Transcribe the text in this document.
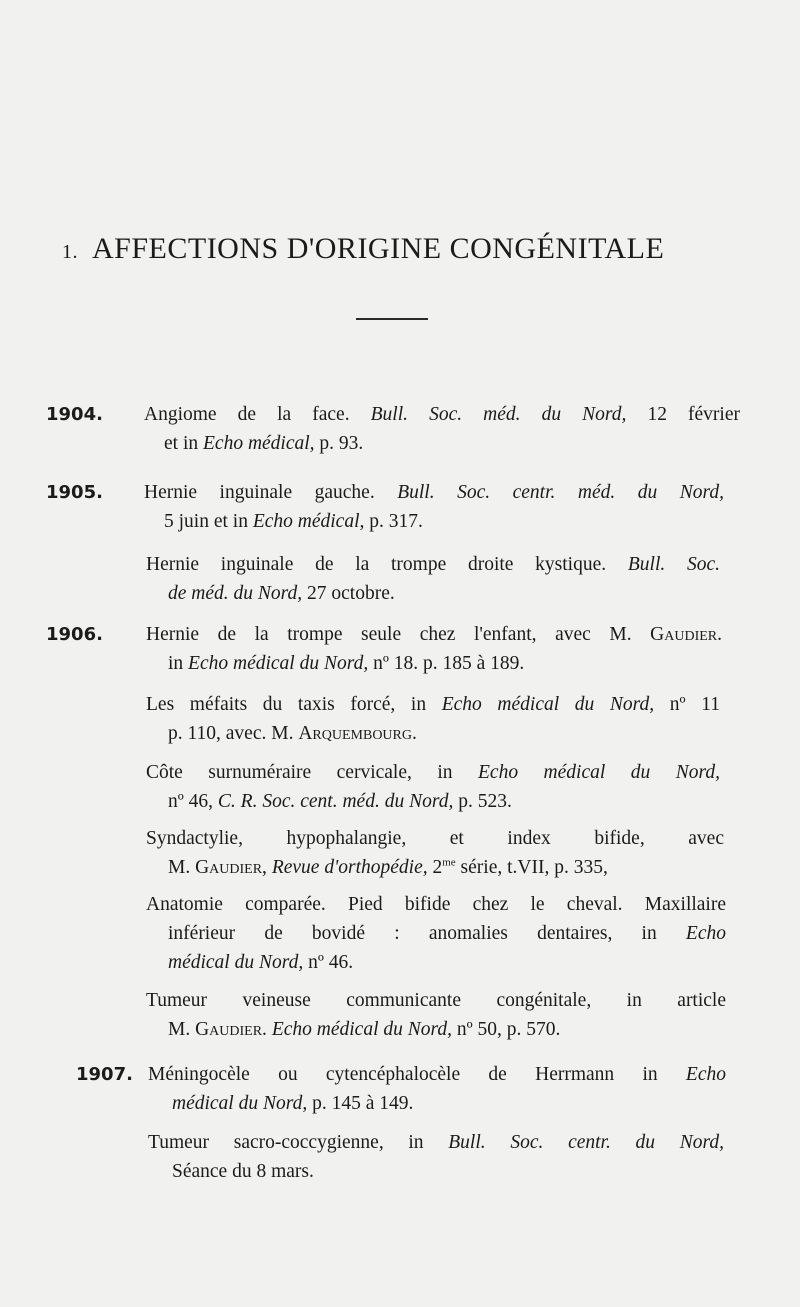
1. AFFECTIONS D'ORIGINE CONGÉNITALE
1904. Angiome de la face. Bull. Soc. méd. du Nord, 12 février
et in Echo médical, p. 93.
1905. Hernie inguinale gauche. Bull. Soc. centr. méd. du Nord,
5 juin et in Echo médical, p. 317.
Hernie inguinale de la trompe droite kystique. Bull. Soc.
de méd. du Nord, 27 octobre.
1906. Hernie de la trompe seule chez l'enfant, avec M. Gaudier.
in Echo médical du Nord, nº 18. p. 185 à 189.
Les méfaits du taxis forcé, in Echo médical du Nord, nº 11
p. 110, avec. M. Arquembourg.
Côte surnuméraire cervicale, in Echo médical du Nord,
nº 46, C. R. Soc. cent. méd. du Nord, p. 523.
Syndactylie, hypophalangie, et index bifide, avec
M. Gaudier, Revue d'orthopédie, $2^{me}$ série, t.VII, p. 335,
Anatomie comparée. Pied bifide chez le cheval. Maxillaire
inférieur de bovidé : anomalies dentaires, in Echo
médical du Nord, nº 46.
Tumeur veineuse communicante congénitale, in article
M. Gaudier. Echo médical du Nord, nº 50, p. 570.
1907. Méningocèle ou cytencéphalocèle de Herrmann in Echo
médical du Nord, p. 145 à 149.
Tumeur sacro-coccygienne, in Bull. Soc. centr. du Nord,
Séance du 8 mars.
